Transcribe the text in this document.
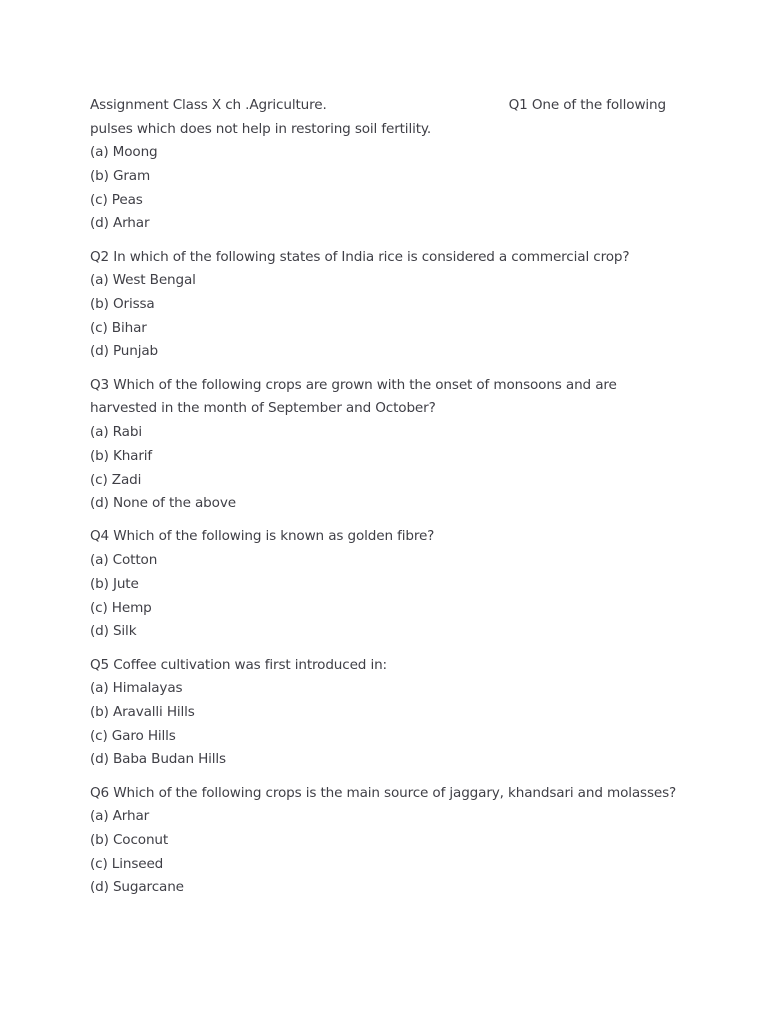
Assignment Class X ch .Agriculture.	Q1 One of the following
pulses which does not help in restoring soil fertility.
(a) Moong
(b) Gram
(c) Peas
(d) Arhar
Q2 In which of the following states of India rice is considered a commercial crop?
(a) West Bengal
(b) Orissa
(c) Bihar
(d) Punjab
Q3 Which of the following crops are grown with the onset of monsoons and are
harvested in the month of September and October?
(a) Rabi
(b) Kharif
(c) Zadi
(d) None of the above
Q4 Which of the following is known as golden fibre?
(a) Cotton
(b) Jute
(c) Hemp
(d) Silk
Q5 Coffee cultivation was first introduced in:
(a) Himalayas
(b) Aravalli Hills
(c) Garo Hills
(d) Baba Budan Hills
Q6 Which of the following crops is the main source of jaggary, khandsari and molasses?
(a) Arhar
(b) Coconut
(c) Linseed
(d) Sugarcane
